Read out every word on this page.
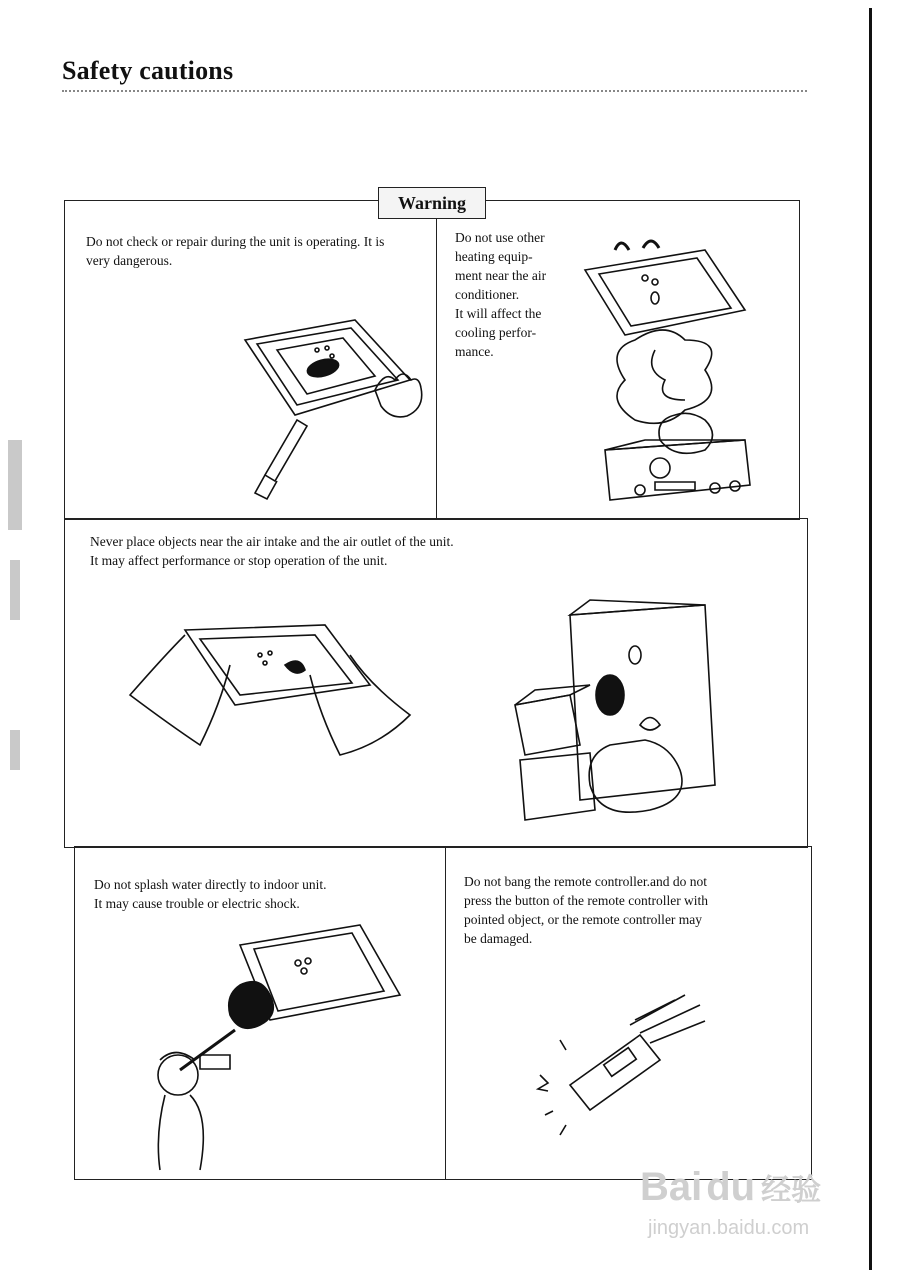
Safety cautions
Warning
Do not check or repair during the unit is operating. It is very dangerous.
Do not use other
heating equip-
ment near the air
conditioner.
It will affect the
cooling perfor-
mance.
Never place objects near the air intake and the air outlet of the unit.
It may affect performance or stop operation of the unit.
Do not splash water directly to indoor unit.
It may cause trouble or electric shock.
Do not bang the remote controller.and do not
press the button of the remote controller with
pointed object, or the remote controller may
be damaged.
Bai du 经验
jingyan.baidu.com
